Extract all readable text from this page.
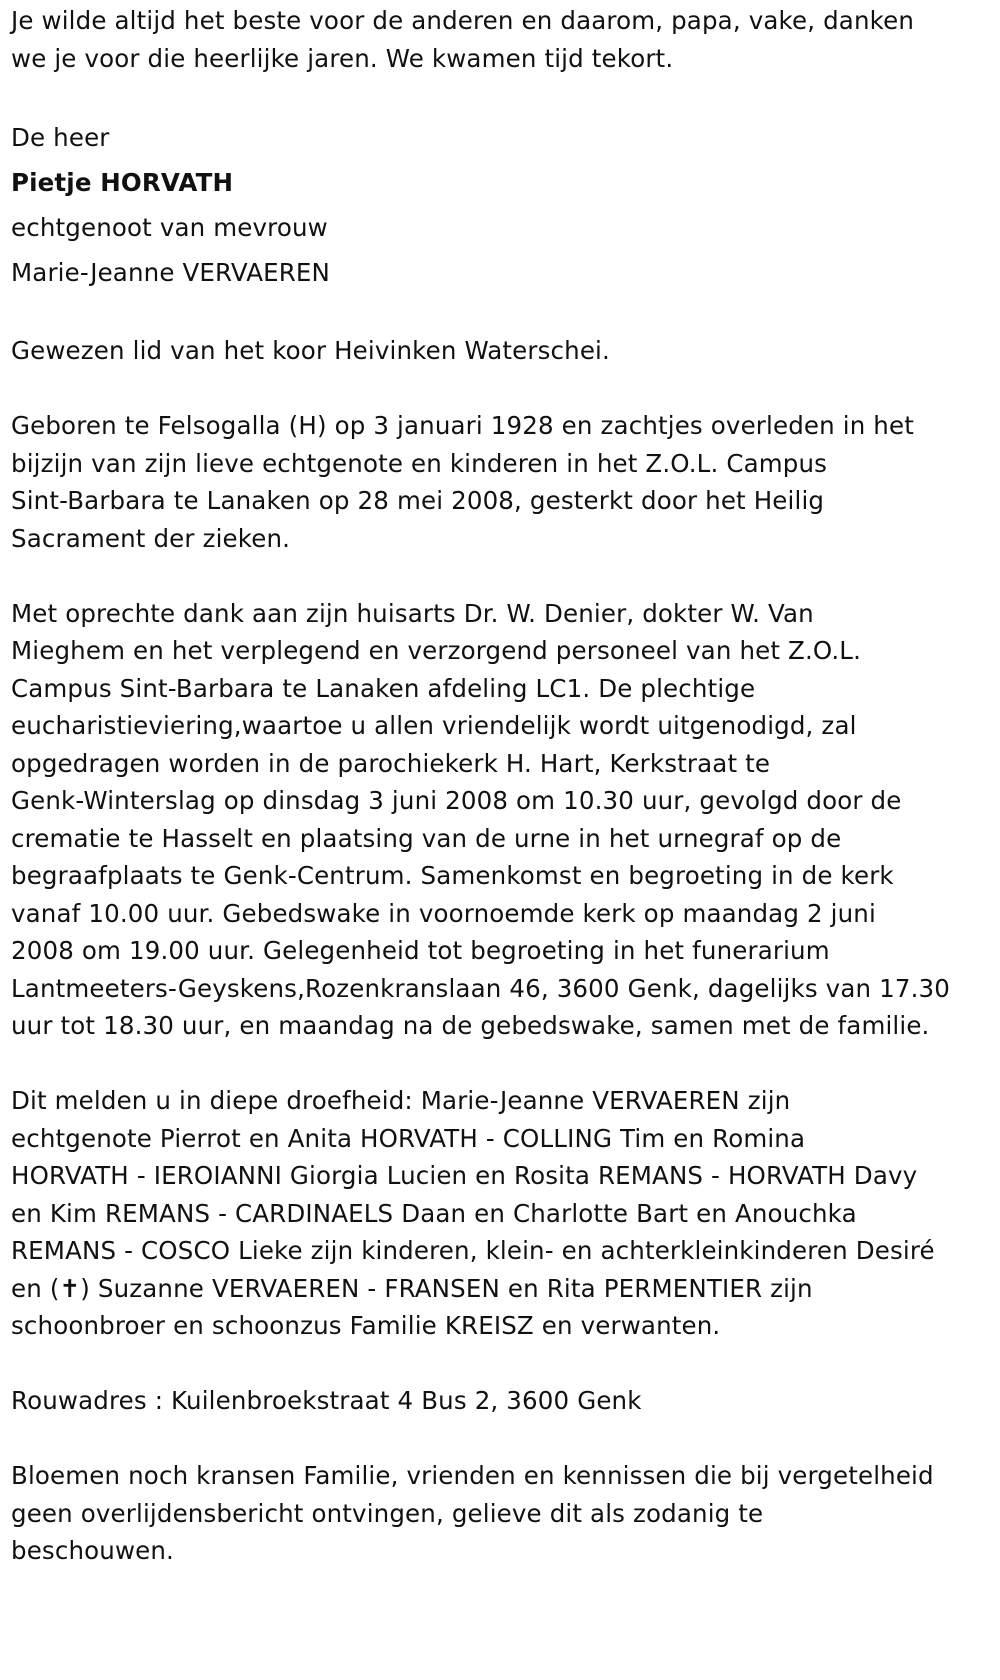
Je wilde altijd het beste voor de anderen en daarom, papa, vake, danken

we je voor die heerlijke jaren. We kwamen tijd tekort.

De heer

Pietje HORVATH

echtgenoot van mevrouw

Marie-Jeanne VERVAEREN

Gewezen lid van het koor Heivinken Waterschei.

Geboren te Felsogalla (H) op 3 januari 1928 en zachtjes overleden in het

bijzijn van zijn lieve echtgenote en kinderen in het Z.O.L. Campus

Sint-Barbara te Lanaken op 28 mei 2008, gesterkt door het Heilig

Sacrament der zieken.

Met oprechte dank aan zijn huisarts Dr. W. Denier, dokter W. Van

Mieghem en het verplegend en verzorgend personeel van het Z.O.L.

Campus Sint-Barbara te Lanaken afdeling LC1. De plechtige

eucharistieviering,waartoe u allen vriendelijk wordt uitgenodigd, zal

opgedragen worden in de parochiekerk H. Hart, Kerkstraat te

Genk-Winterslag op dinsdag 3 juni 2008 om 10.30 uur, gevolgd door de

crematie te Hasselt en plaatsing van de urne in het urnegraf op de

begraafplaats te Genk-Centrum. Samenkomst en begroeting in de kerk

vanaf 10.00 uur. Gebedswake in voornoemde kerk op maandag 2 juni

2008 om 19.00 uur. Gelegenheid tot begroeting in het funerarium

Lantmeeters-Geyskens,Rozenkranslaan 46, 3600 Genk, dagelijks van 17.30

uur tot 18.30 uur, en maandag na de gebedswake, samen met de familie.

Dit melden u in diepe droefheid: Marie-Jeanne VERVAEREN zijn

echtgenote Pierrot en Anita HORVATH - COLLING Tim en Romina

HORVATH - IEROIANNI Giorgia Lucien en Rosita REMANS - HORVATH Davy

en Kim REMANS - CARDINAELS Daan en Charlotte Bart en Anouchka

REMANS - COSCO Lieke zijn kinderen, klein- en achterkleinkinderen Desiré

en (✝) Suzanne VERVAEREN - FRANSEN en Rita PERMENTIER zijn

schoonbroer en schoonzus Familie KREISZ en verwanten.

Rouwadres : Kuilenbroekstraat 4 Bus 2, 3600 Genk

Bloemen noch kransen Familie, vrienden en kennissen die bij vergetelheid

geen overlijdensbericht ontvingen, gelieve dit als zodanig te

beschouwen.
